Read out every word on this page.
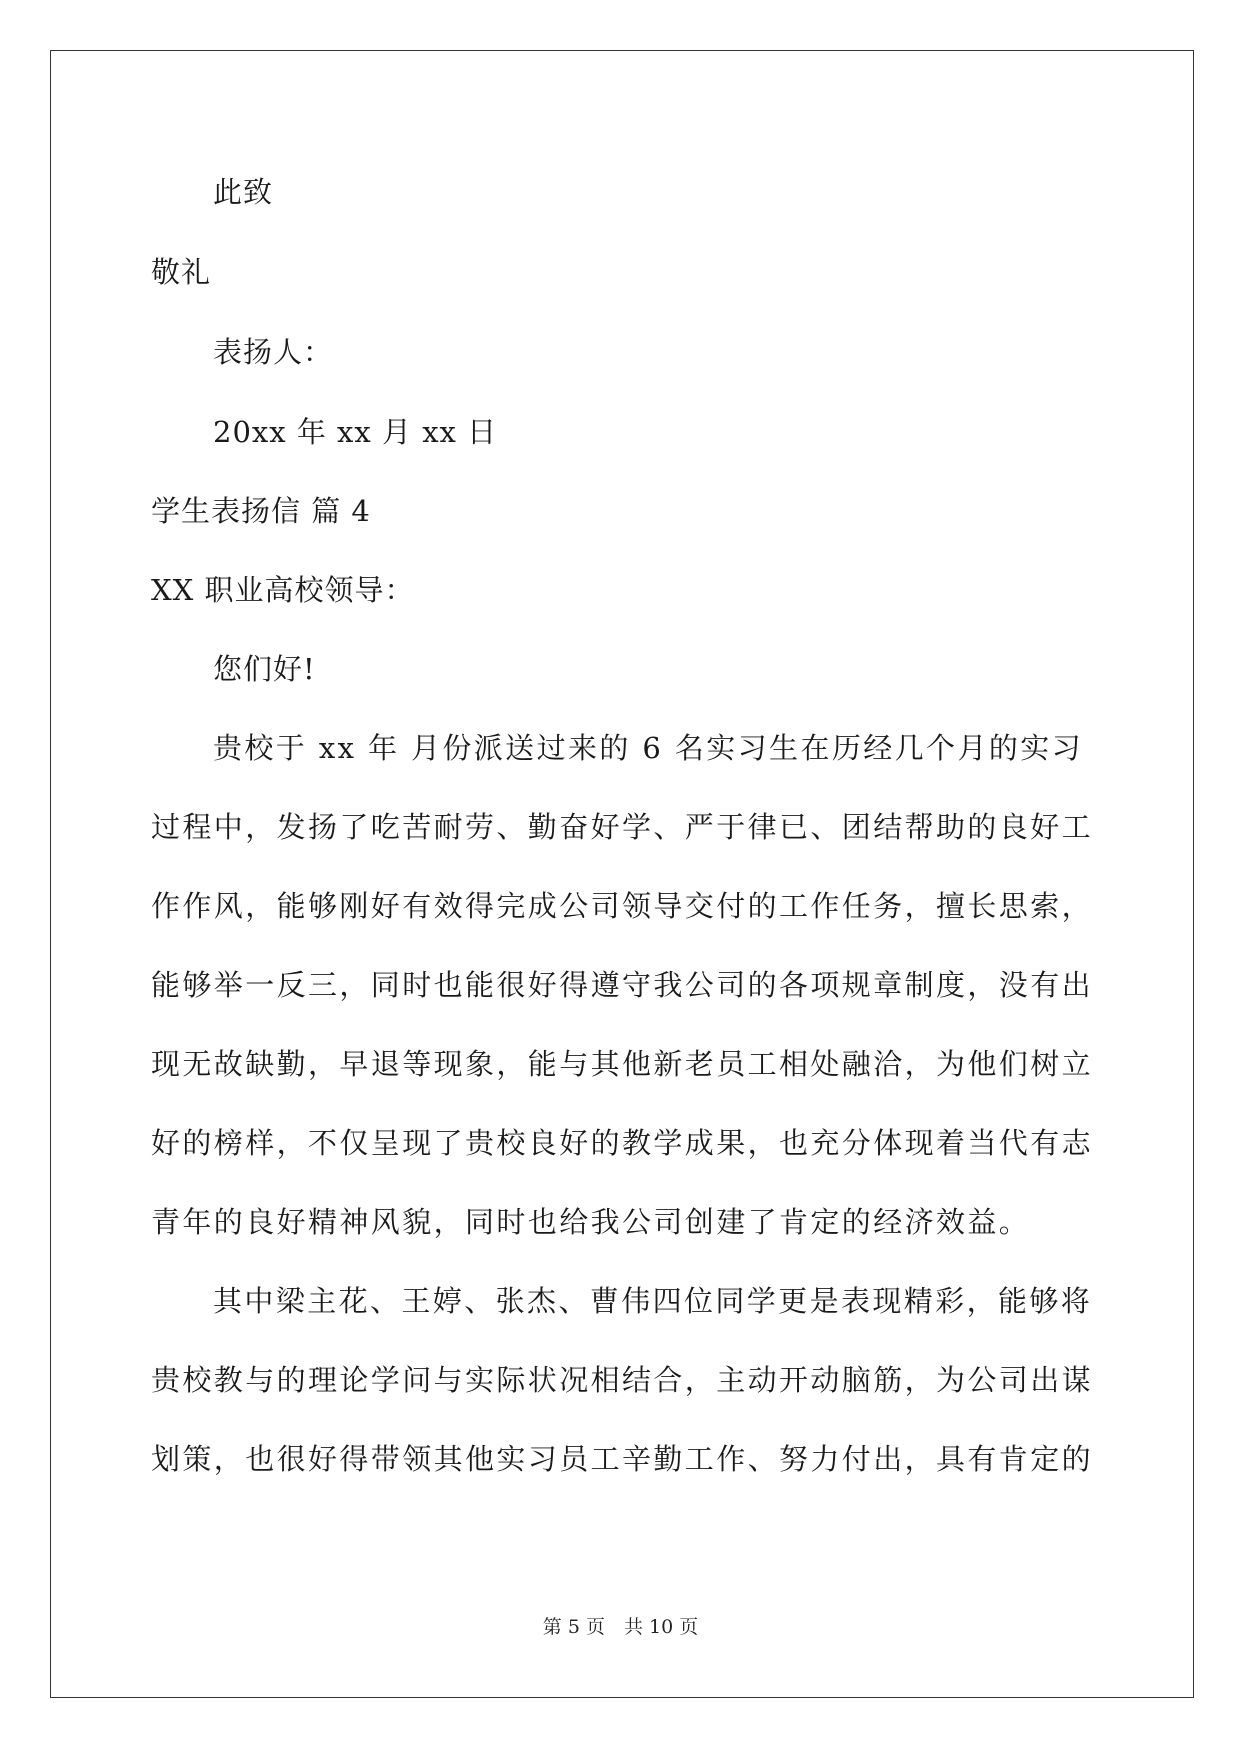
此致
敬礼
表扬人：
20xx 年 xx 月 xx 日
学生表扬信 篇 4
XX 职业高校领导：
您们好!
贵校于 xx 年 月份派送过来的 6 名实习生在历经几个月的实习
过程中，发扬了吃苦耐劳、勤奋好学、严于律已、团结帮助的良好工
作作风，能够刚好有效得完成公司领导交付的工作任务，擅长思索，
能够举一反三，同时也能很好得遵守我公司的各项规章制度，没有出
现无故缺勤，早退等现象，能与其他新老员工相处融洽，为他们树立
好的榜样，不仅呈现了贵校良好的教学成果，也充分体现着当代有志
青年的良好精神风貌，同时也给我公司创建了肯定的经济效益。
其中梁主花、王婷、张杰、曹伟四位同学更是表现精彩，能够将
贵校教与的理论学问与实际状况相结合，主动开动脑筋，为公司出谋
划策，也很好得带领其他实习员工辛勤工作、努力付出，具有肯定的
第 5 页　共 10 页
